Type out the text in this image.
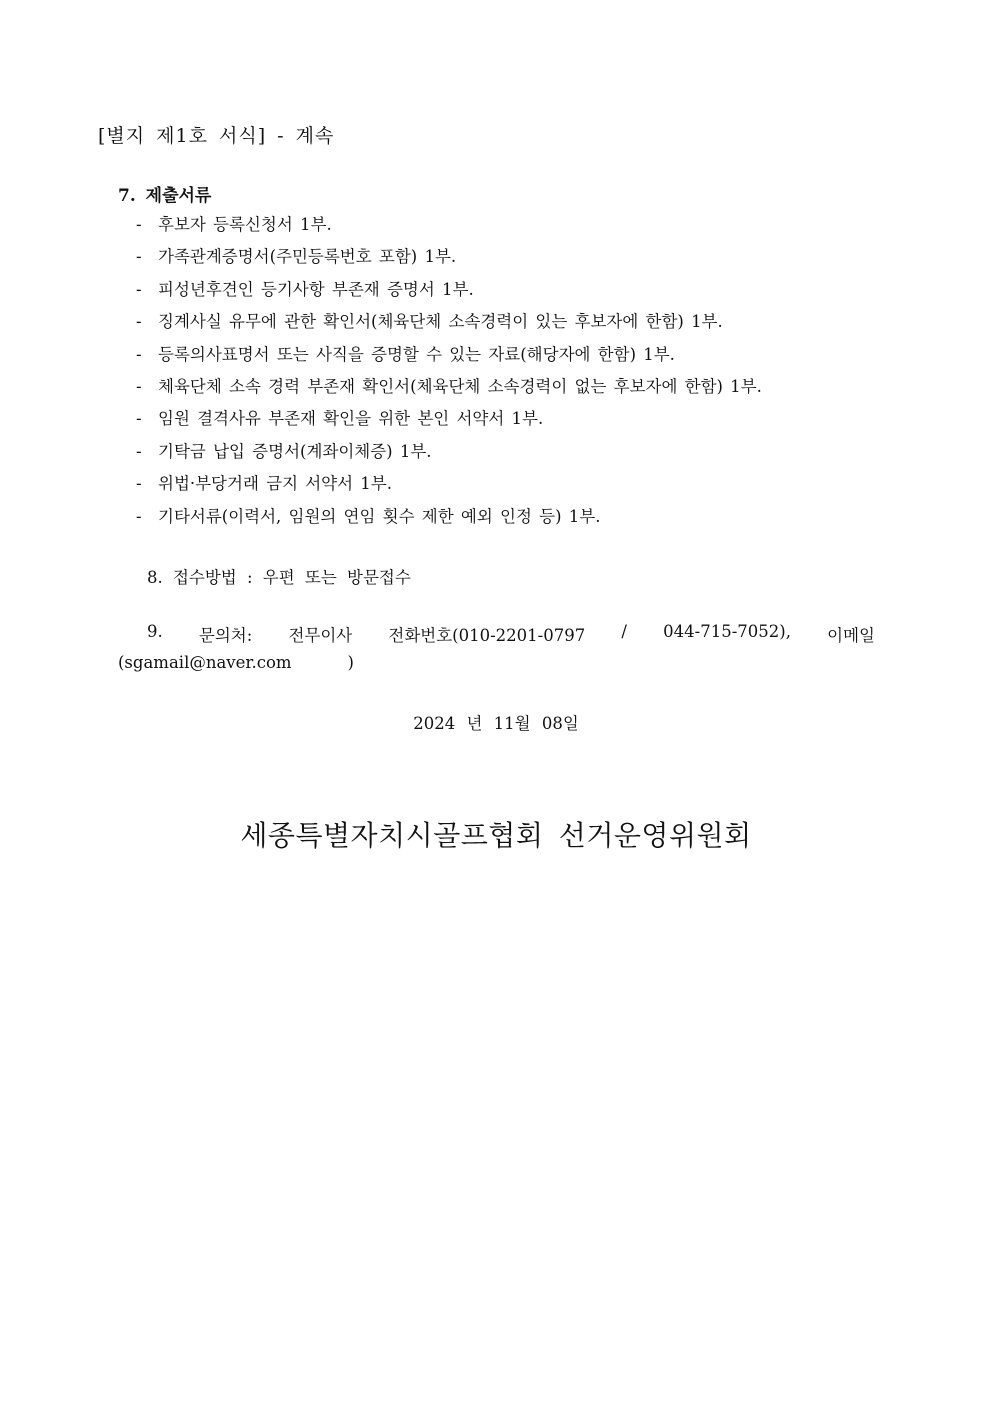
[별지 제1호 서식] - 계속
7. 제출서류
- 후보자 등록신청서 1부.
- 가족관계증명서(주민등록번호 포함) 1부.
- 피성년후견인 등기사항 부존재 증명서 1부.
- 징계사실 유무에 관한 확인서(체육단체 소속경력이 있는 후보자에 한함) 1부.
- 등록의사표명서 또는 사직을 증명할 수 있는 자료(해당자에 한함) 1부.
- 체육단체 소속 경력 부존재 확인서(체육단체 소속경력이 없는 후보자에 한함) 1부.
- 임원 결격사유 부존재 확인을 위한 본인 서약서 1부.
- 기탁금 납입 증명서(계좌이체증) 1부.
- 위법·부당거래 금지 서약서 1부.
- 기타서류(이력서, 임원의 연임 횟수 제한 예외 인정 등) 1부.
8. 접수방법 : 우편 또는 방문접수
9. 문의처: 전무이사 전화번호(010-2201-0797 / 044-715-7052), 이메일
(sgamail@naver.com	)
2024 년 11월 08일
세종특별자치시골프협회 선거운영위원회
